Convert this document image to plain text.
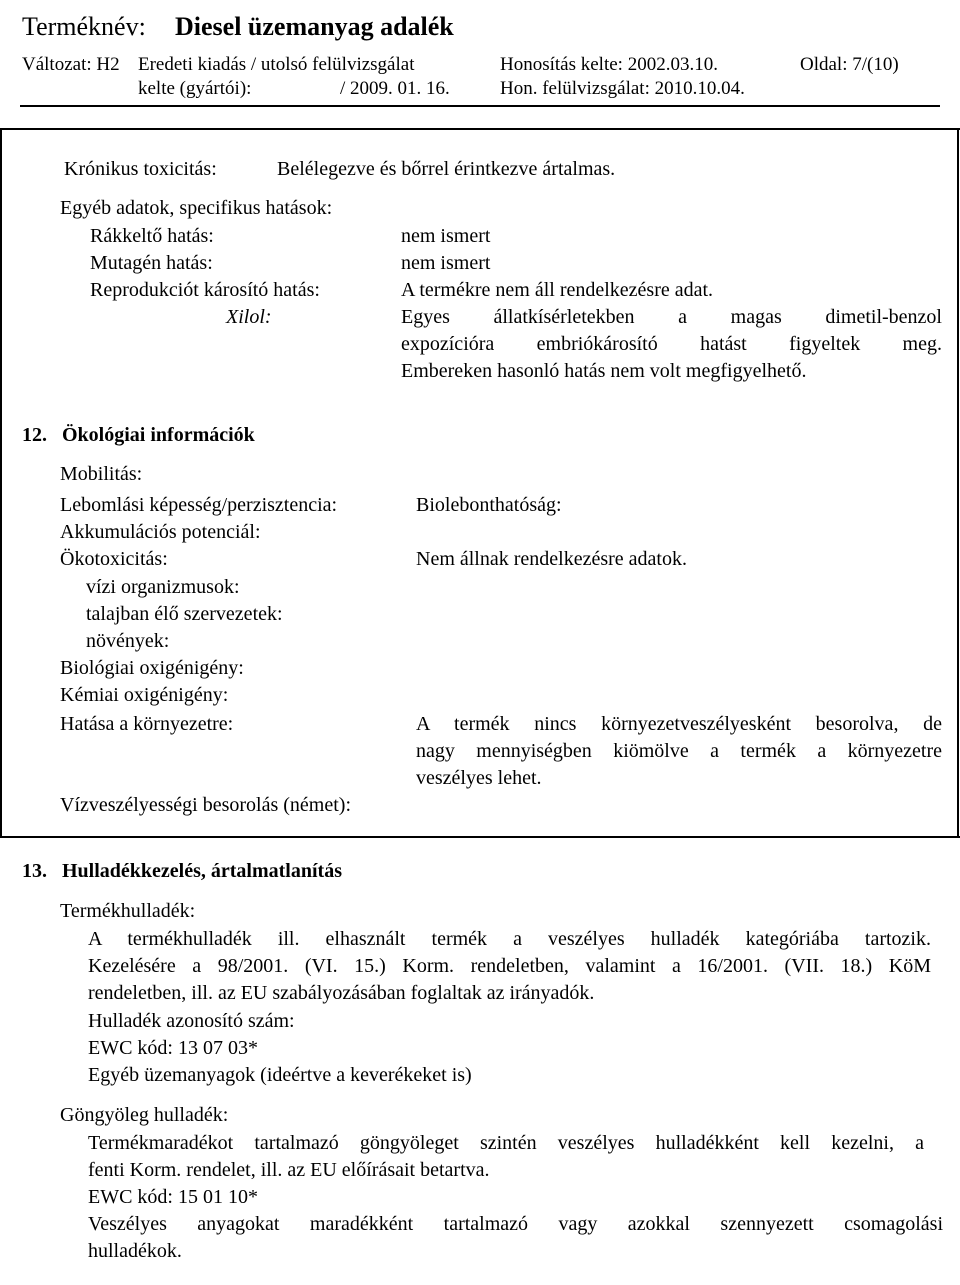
Terméknév: Diesel üzemanyag adalék
Változat: H2 Eredeti kiadás / utolsó felülvizsgálat
kelte (gyártói):	/ 2009. 01. 16.
Honosítás kelte: 2002.03.10.
Hon. felülvizsgálat: 2010.10.04.
Oldal: 7/(10)
Krónikus toxicitás:	Belélegezve és bőrrel érintkezve ártalmas.
Egyéb adatok, specifikus hatások:
Rákkeltő hatás:	nem ismert
Mutagén hatás:	nem ismert
Reprodukciót károsító hatás:	A termékre nem áll rendelkezésre adat.
Xilol:	Egyes állatkísérletekben a magas dimetil-benzol
expozícióra embriókárosító hatást figyeltek meg.
Embereken hasonló hatás nem volt megfigyelhető.
12. Ökológiai információk
Mobilitás:
Lebomlási képesség/perzisztencia:	Biolebonthatóság:
Akkumulációs potenciál:
Ökotoxicitás:	Nem állnak rendelkezésre adatok.
vízi organizmusok:
talajban élő szervezetek:
növények:
Biológiai oxigénigény:
Kémiai oxigénigény:
Hatása a környezetre:	A termék nincs környezetveszélyesként besorolva, de
nagy mennyiségben kiömölve a termék a környezetre
veszélyes lehet.
Vízveszélyességi besorolás (német):
13. Hulladékkezelés, ártalmatlanítás
Termékhulladék:
A termékhulladék ill. elhasznált termék a veszélyes hulladék kategóriába tartozik.
Kezelésére a 98/2001. (VI. 15.) Korm. rendeletben, valamint a 16/2001. (VII. 18.) KöM
rendeletben, ill. az EU szabályozásában foglaltak az irányadók.
Hulladék azonosító szám:
EWC kód: 13 07 03*
Egyéb üzemanyagok (ideértve a keverékeket is)
Göngyöleg hulladék:
Termékmaradékot tartalmazó göngyöleget szintén veszélyes hulladékként kell kezelni, a
fenti Korm. rendelet, ill. az EU előírásait betartva.
EWC kód: 15 01 10*
Veszélyes anyagokat maradékként tartalmazó vagy azokkal szennyezett csomagolási
hulladékok.
